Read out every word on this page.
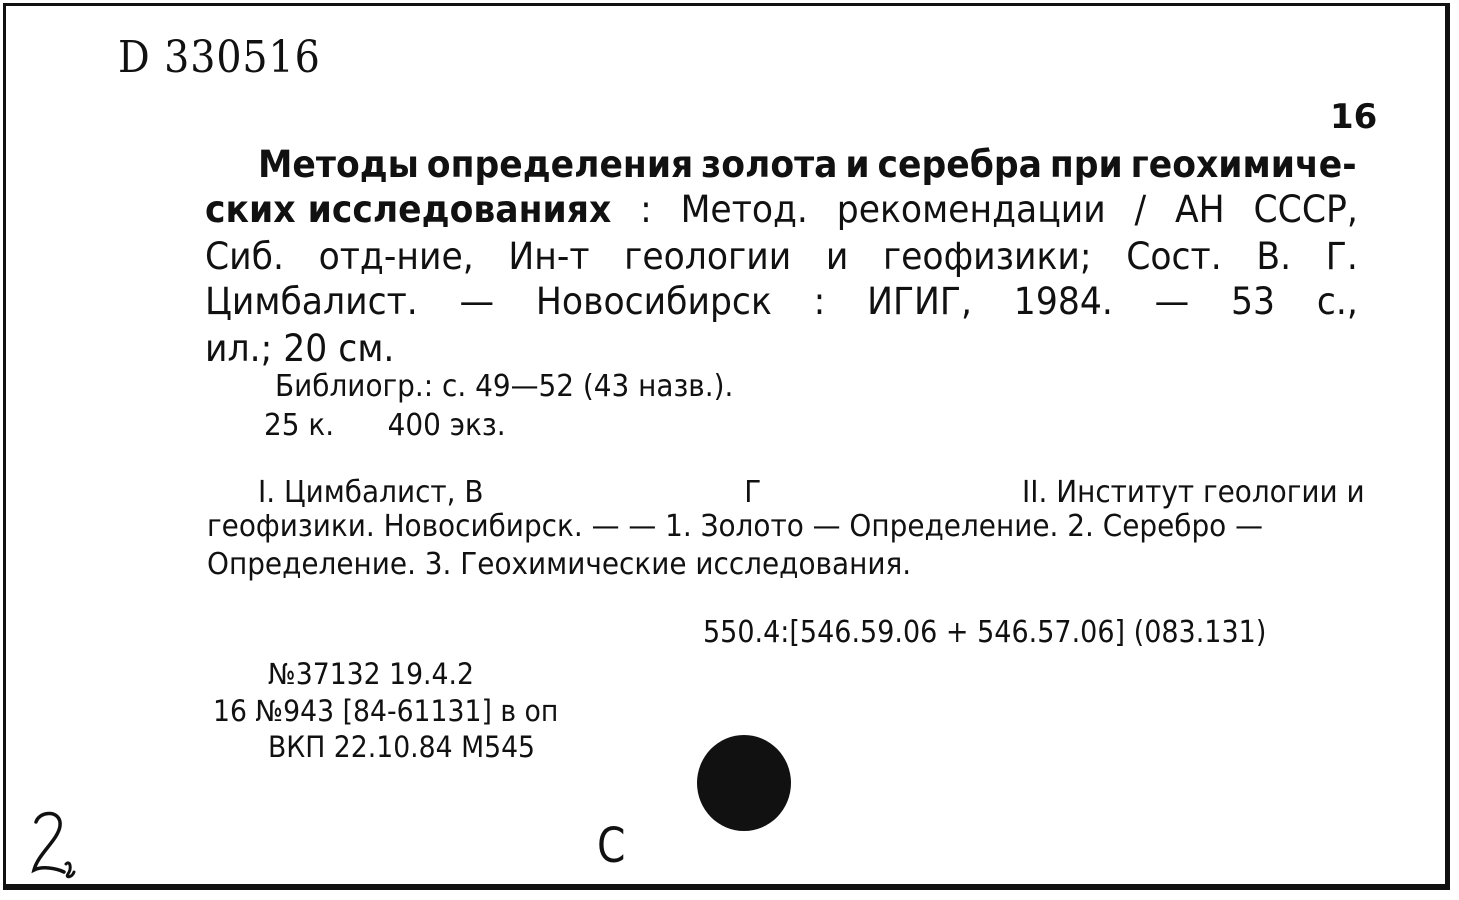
D 330516
16
Методы определения золота и серебра при геохимиче-
ских исследованиях : Метод. рекомендации / АН СССР,
Сиб. отд-ние, Ин-т геологии и геофизики; Сост. В. Г.
Цимбалист. — Новосибирск : ИГИГ, 1984. — 53 с.,
ил.; 20 см.
Библиогр.: с. 49—52 (43 назв.).
25 к. 400 экз.
I. Цимбалист, В	Г	II. Институт геологии и
геофизики. Новосибирск. — — 1. Золото — Определение. 2. Серебро —
Определение. 3. Геохимические исследования.
550.4:[546.59.06 + 546.57.06] (083.131)
№37132 19.4.2
16 №943 [84-61131] в оп
ВКП 22.10.84 М545
С
